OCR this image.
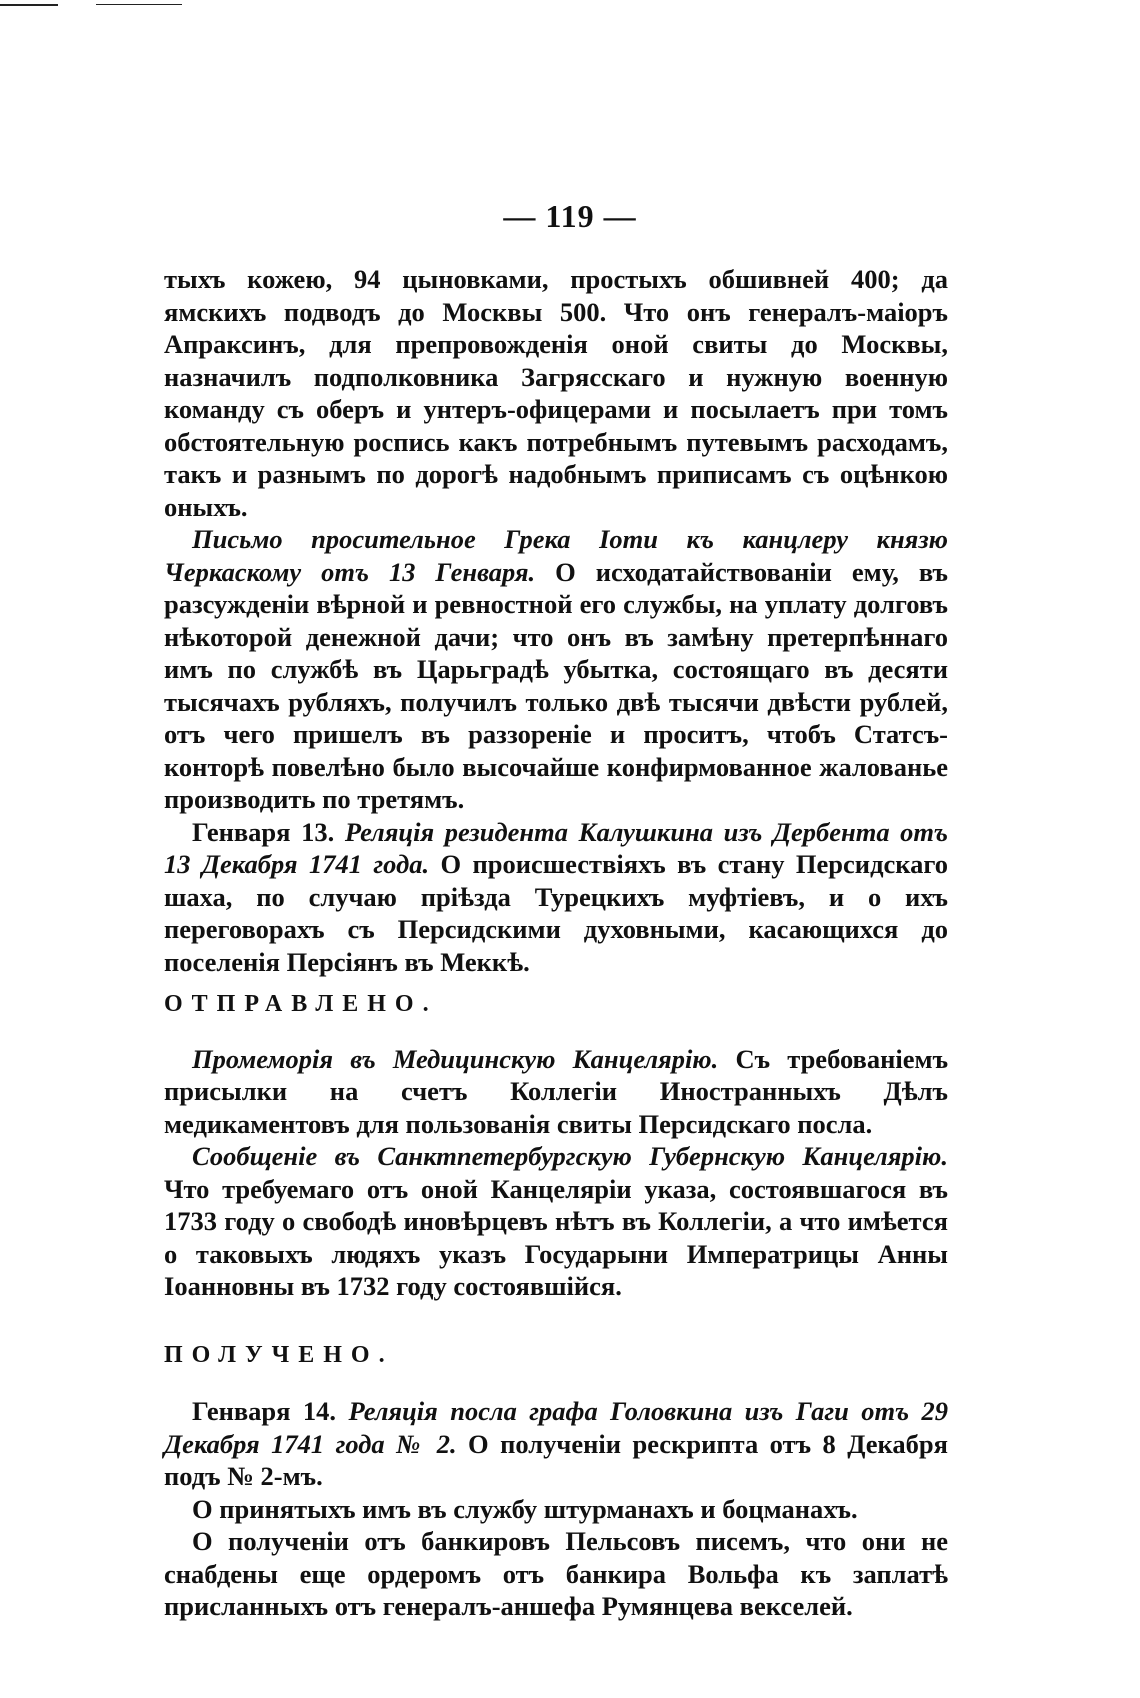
— 119 —

тыхъ кожею, 94 цыновками, простыхъ обшивней 400; да ямскихъ подводъ до Москвы 500. Что онъ генералъ-маіоръ Апраксинъ, для препровожденія оной свиты до Москвы, назначилъ подполковника Загрясскаго и нужную военную команду съ оберъ и унтеръ-офицерами и посылаетъ при томъ обстоятельную роспись какъ потребнымъ путевымъ расходамъ, такъ и разнымъ по дорогѣ надобнымъ приписамъ съ оцѣнкою оныхъ.

Письмо просительное Грека Іоти къ канцлеру князю Черкаскому отъ 13 Генваря. О исходатайствованіи ему, въ разсужденіи вѣрной и ревностной его службы, на уплату долговъ нѣкоторой денежной дачи; что онъ въ замѣну претерпѣннаго имъ по службѣ въ Царьградѣ убытка, состоящаго въ десяти тысячахъ рубляхъ, получилъ только двѣ тысячи двѣсти рублей, отъ чего пришелъ въ раззореніе и проситъ, чтобъ Статсъ-конторѣ повелѣно было высочайше конфирмованное жалованье производить по третямъ.

Генваря 13. Реляція резидента Калушкина изъ Дербента отъ 13 Декабря 1741 года. О происшествіяхъ въ стану Персидскаго шаха, по случаю пріѣзда Турецкихъ муфтіевъ, и о ихъ переговорахъ съ Персидскими духовными, касающихся до поселенія Персіянъ въ Меккѣ.

ОТПРАВЛЕНО.

Промеморія въ Медицинскую Канцелярію. Съ требованіемъ присылки на счетъ Коллегіи Иностранныхъ Дѣлъ медикаментовъ для пользованія свиты Персидскаго посла.

Сообщеніе въ Санктпетербургскую Губернскую Канцелярію. Что требуемаго отъ оной Канцеляріи указа, состоявшагося въ 1733 году о свободѣ иновѣрцевъ нѣтъ въ Коллегіи, а что имѣется о таковыхъ людяхъ указъ Государыни Императрицы Анны Іоанновны въ 1732 году состоявшійся.

ПОЛУЧЕНО.

Генваря 14. Реляція посла графа Головкина изъ Гаги отъ 29 Декабря 1741 года № 2. О полученіи рескрипта отъ 8 Декабря подъ № 2-мъ.

О принятыхъ имъ въ службу штурманахъ и боцманахъ.

О полученіи отъ банкировъ Пельсовъ писемъ, что они не снабдены еще ордеромъ отъ банкира Вольфа къ заплатѣ присланныхъ отъ генералъ-аншефа Румянцева векселей.
